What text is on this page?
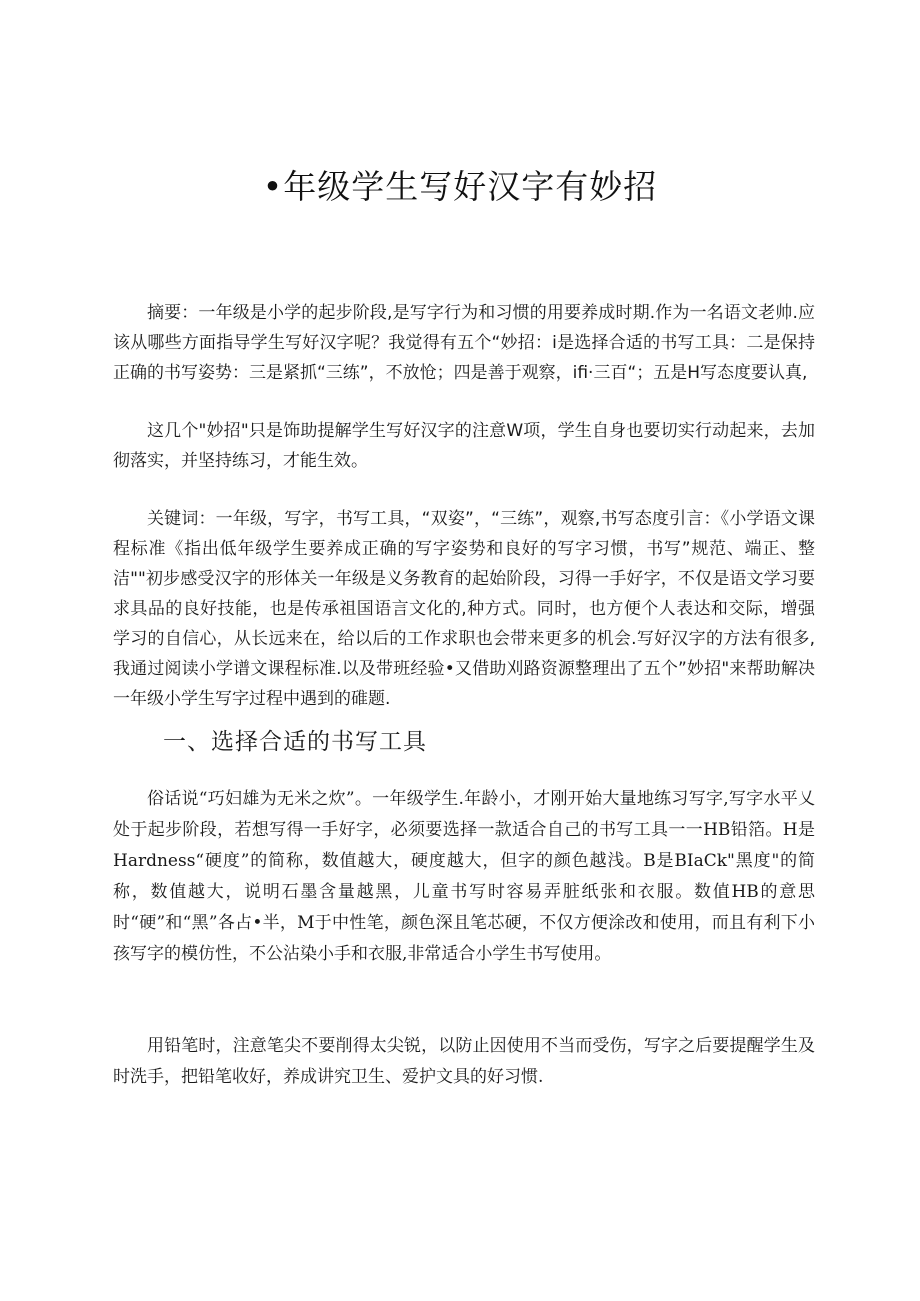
•年级学生写好汉字有妙招

摘要：一年级是小学的起步阶段,是写字行为和习惯的用要养成时期.作为一名语文老帅.应该从哪些方面指导学生写好汉字呢？我觉得有五个“妙招：i是选择合适的书写工具：二是保持正确的书写姿势：三是紧抓“三练”，不放怆；四是善于观察，ifi·三百“；五是H写态度要认真,

这几个"妙招"只是饰助提解学生写好汉字的注意W项，学生自身也要切实行动起来，去加彻落实，并坚持练习，才能生效。

关键词：一年级，写字，书写工具，“双姿”，“三练”，观察,书写态度引言：《小学语文课程标准《指出低年级学生要养成正确的写字姿势和良好的写字习惯，书写”规范、端正、整洁""初步感受汉字的形体关一年级是义务教育的起始阶段，习得一手好字，不仅是语文学习要求具品的良好技能，也是传承祖国语言文化的,种方式。同时，也方便个人表达和交际，增强学习的自信心，从长远来在，给以后的工作求职也会带来更多的机会.写好汉字的方法有很多,我通过阅读小学谱文课程标准.以及带班经验•又借助刈路资源整理出了五个”妙招"来帮助解决一年级小学生写字过程中遇到的碓题.

一、选择合适的书写工具

俗话说“巧妇雄为无米之炊”。一年级学生.年龄小，才刚开始大量地练习写字,写字水平乂处于起步阶段，若想写得一手好字，必须要选择一款适合自己的书写工具一一HB铅箔。H是Hardness“硬度”的简称，数值越大，硬度越大，但字的颜色越浅。B是BIaCk"黑度"的简称，数值越大，说明石墨含量越黑，儿童书写时容易弄脏纸张和衣服。数值HB的意思时“硬”和“黑”各占•半，M于中性笔，颜色深且笔芯硬，不仅方便涂改和使用，而且有利下小孩写字的模仿性，不公沾染小手和衣服,非常适合小学生书写使用。

用铅笔时，注意笔尖不要削得太尖锐，以防止因使用不当而受伤，写字之后要提醒学生及时洗手，把铅笔收好，养成讲究卫生、爱护文具的好习惯.
